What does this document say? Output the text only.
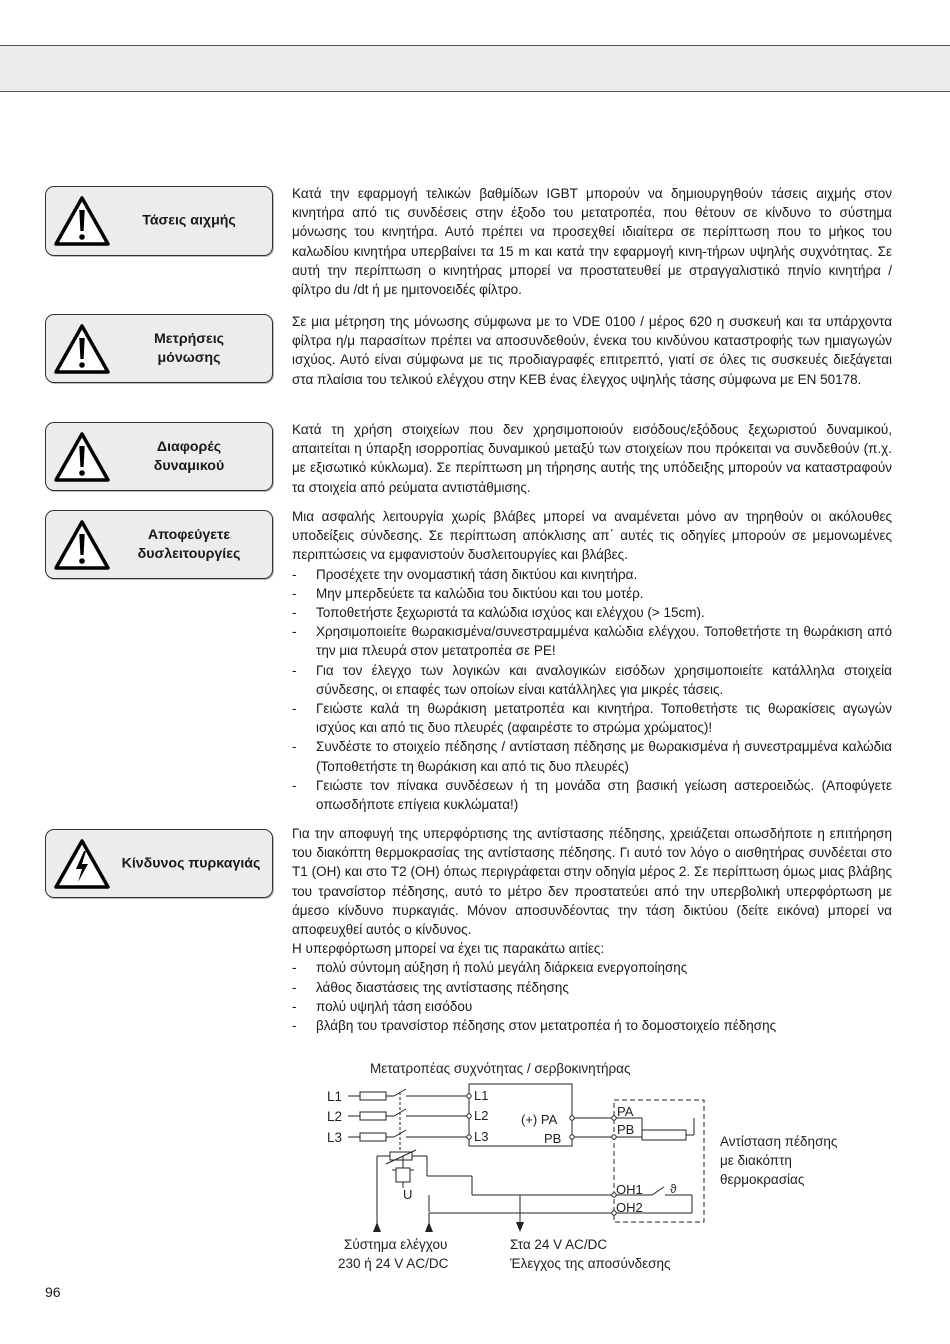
Τάσεις αιχμής
Μετρήσεις μόνωσης
Διαφορές δυναμικού
Αποφεύγετε δυσλειτουργίες
Κίνδυνος πυρκαγιάς

Κατά την εφαρμογή τελικών βαθμίδων IGBT μπορούν να δημιουργηθούν τάσεις αιχμής στον κινητήρα από τις συνδέσεις στην έξοδο του μετατροπέα, που θέτουν σε κίνδυνο το σύστημα μόνωσης του κινητήρα. Αυτό πρέπει να προσεχθεί ιδιαίτερα σε περίπτωση που το μήκος του καλωδίου κινητήρα υπερβαίνει τα 15 m και κατά την εφαρμογή κινη-τήρων υψηλής συχνότητας. Σε αυτή την περίπτωση ο κινητήρας μπορεί να προστατευθεί με στραγγαλιστικό πηνίο κινητήρα / φίλτρο du /dt ή με ημιτονοειδές φίλτρο.

Σε μια μέτρηση της μόνωσης σύμφωνα με το VDE 0100 / μέρος 620 η συσκευή και τα υπάρχοντα φίλτρα η/μ παρασίτων πρέπει να αποσυνδεθούν, ένεκα του κινδύνου καταστροφής των ημιαγωγών ισχύος. Αυτό είναι σύμφωνα με τις προδιαγραφές επιτρεπτό, γιατί σε όλες τις συσκευές διεξάγεται στα πλαίσια του τελικού ελέγχου στην KEB ένας έλεγχος υψηλής τάσης σύμφωνα με EN 50178.

Κατά τη χρήση στοιχείων που δεν χρησιμοποιούν εισόδους/εξόδους ξεχωριστού δυναμικού, απαιτείται η ύπαρξη ισορροπίας δυναμικού μεταξύ των στοιχείων που πρόκειται να συνδεθούν (π.χ. με εξισωτικό κύκλωμα). Σε περίπτωση μη τήρησης αυτής της υπόδειξης μπορούν να καταστραφούν τα στοιχεία από ρεύματα αντιστάθμισης.

Μια ασφαλής λειτουργία χωρίς βλάβες μπορεί να αναμένεται μόνο αν τηρηθούν οι ακόλουθες υποδείξεις σύνδεσης. Σε περίπτωση απόκλισης απ΄ αυτές τις οδηγίες μπορούν σε μεμονωμένες περιπτώσεις να εμφανιστούν δυσλειτουργίες και βλάβες.

- Προσέχετε την ονομαστική τάση δικτύου και κινητήρα.
- Μην μπερδεύετε τα καλώδια του δικτύου και του μοτέρ.
- Τοποθετήστε ξεχωριστά τα καλώδια ισχύος και ελέγχου (> 15cm).
- Χρησιμοποιείτε θωρακισμένα/συνεστραμμένα καλώδια ελέγχου. Τοποθετήστε τη θωράκιση από την μια πλευρά στον μετατροπέα σε PE!
- Για τον έλεγχο των λογικών και αναλογικών εισόδων χρησιμοποιείτε κατάλληλα στοιχεία σύνδεσης, οι επαφές των οποίων είναι κατάλληλες για μικρές τάσεις.
- Γειώστε καλά τη θωράκιση μετατροπέα και κινητήρα. Τοποθετήστε τις θωρακίσεις αγωγών ισχύος και από τις δυο πλευρές (αφαιρέστε το στρώμα χρώματος)!
- Συνδέστε το στοιχείο πέδησης / αντίσταση πέδησης με θωρακισμένα ή συνεστραμμένα καλώδια (Τοποθετήστε τη θωράκιση και από τις δυο πλευρές)
- Γειώστε τον πίνακα συνδέσεων ή τη μονάδα στη βασική γείωση αστεροειδώς. (Αποφύγετε οπωσδήποτε επίγεια κυκλώματα!)

Για την αποφυγή της υπερφόρτισης της αντίστασης πέδησης, χρειάζεται οπωσδήποτε η επιτήρηση του διακόπτη θερμοκρασίας της αντίστασης πέδησης. Γι αυτό τον λόγο ο αισθητήρας συνδέεται στο T1 (OH) και στο T2 (OH) όπως περιγράφεται στην οδηγία μέρος 2. Σε περίπτωση όμως μιας βλάβης του τρανσίστορ πέδησης, αυτό το μέτρο δεν προστατεύει από την υπερβολική υπερφόρτωση με άμεσο κίνδυνο πυρκαγιάς. Μόνον αποσυνδέοντας την τάση δικτύου (δείτε εικόνα) μπορεί να αποφευχθεί αυτός ο κίνδυνος.

Η υπερφόρτωση μπορεί να έχει τις παρακάτω αιτίες:

- πολύ σύντομη αύξηση ή πολύ μεγάλη διάρκεια ενεργοποίησης
- λάθος διαστάσεις της αντίστασης πέδησης
- πολύ υψηλή τάση εισόδου
- βλάβη του τρανσίστορ πέδησης στον μετατροπέα ή το δομοστοιχείο πέδησης
Μετατροπέας συχνότητας / σερβοκινητήρας
L1
L2
L3
L1
L2
L3
(+) PA
PB
PA
PB
OH1
OH2
ϑ
U
Αντίσταση πέδησης
με διακόπτη
θερμοκρασίας
Σύστημα ελέγχου
230 ή 24 V AC/DC
Στα 24 V AC/DC
Έλεγχος της αποσύνδεσης
96
